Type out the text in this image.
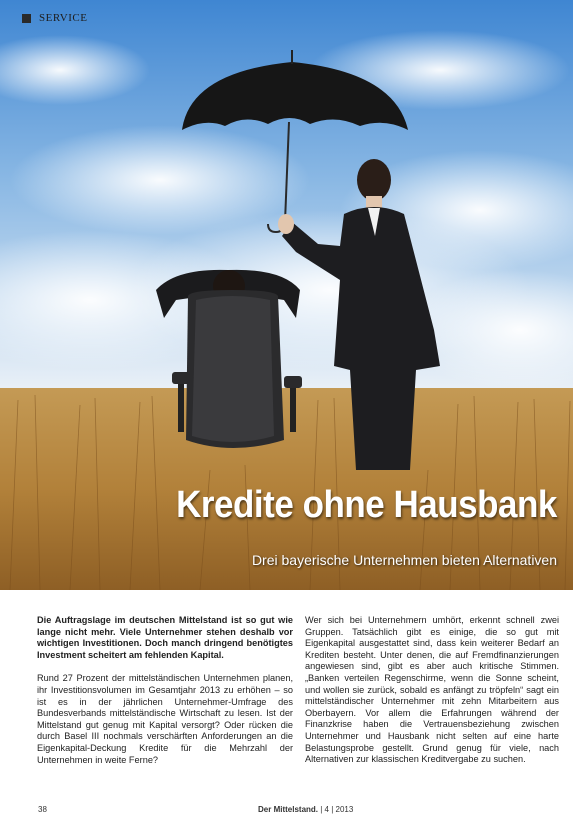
SERVICE
Kredite ohne Hausbank
Drei bayerische Unternehmen bieten Alternativen

Die Auftragslage im deutschen Mittelstand ist so gut wie lange nicht mehr. Viele Unternehmer stehen deshalb vor wichtigen Investitionen. Doch manch dringend benötigtes Investment scheitert am fehlenden Kapital.

Rund 27 Prozent der mittelständischen Unternehmen planen, ihr Investitionsvolumen im Gesamtjahr 2013 zu erhöhen – so ist es in der jährlichen Unternehmer-Umfrage des Bundesverbands mittelständische Wirtschaft zu lesen. Ist der Mittelstand gut genug mit Kapital versorgt? Oder rücken die durch Basel III nochmals verschärften Anforderungen an die Eigenkapital-Deckung Kredite für die Mehrzahl der Unternehmen in weite Ferne?

Wer sich bei Unternehmern umhört, erkennt schnell zwei Gruppen. Tatsächlich gibt es einige, die so gut mit Eigenkapital ausgestattet sind, dass kein weiterer Bedarf an Krediten besteht. Unter denen, die auf Fremdfinanzierungen angewiesen sind, gibt es aber auch kritische Stimmen. „Banken verteilen Regenschirme, wenn die Sonne scheint, und wollen sie zurück, sobald es anfängt zu tröpfeln“ sagt ein mittelständischer Unternehmer mit zehn Mitarbeitern aus Oberbayern. Vor allem die Erfahrungen während der Finanzkrise haben die Vertrauensbeziehung zwischen Unternehmer und Hausbank nicht selten auf eine harte Belastungsprobe gestellt. Grund genug für viele, nach Alternativen zur klassischen Kreditvergabe zu suchen.

38	Der Mittelstand. | 4 | 2013
